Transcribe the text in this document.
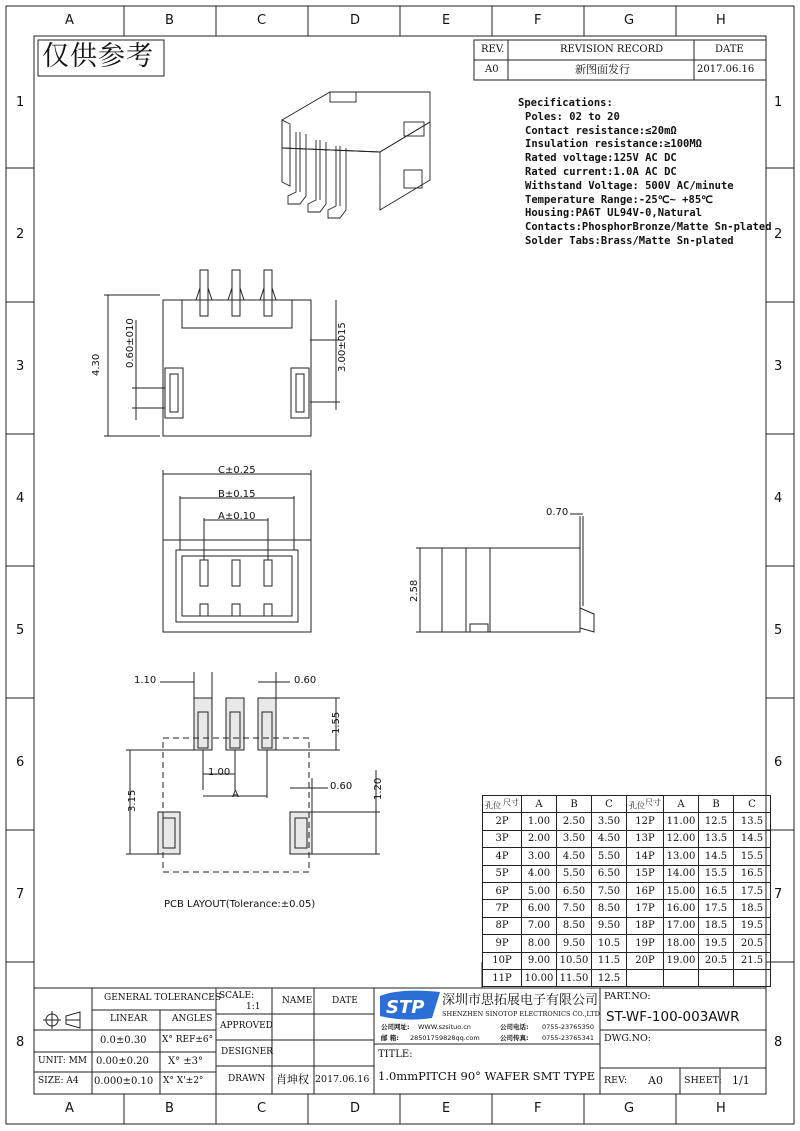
STP
A	B	C	D	E	F	G	H
A	B	C	D	E	F	G	H
1
2
3
4
5
6
7
8
1
2
3
4
5
6
7
8
仅供参考	REV.	REVISION RECORD	DATE
A0	新图面发行	2017.06.16
Specifications:
Poles: 02 to 20
Contact resistance:≤20mΩ
Insulation resistance:≥100MΩ
Rated voltage:125V AC DC
Rated current:1.0A AC DC
Withstand Voltage: 500V AC/minute
Temperature Range:-25℃~ +85℃
Housing:PA6T UL94V-0,Natural
Contacts:PhosphorBronze/Matte Sn-plated
Solder Tabs:Brass/Matte Sn-plated
4.30 0.60±010	3.00±015
C±0.25
B±0.15
A±0.10	0.70
2.58
1.10	0.60
1.55
1.00
A
0.60 1.20
3.15
PCB LAYOUT(Tolerance:±0.05)
尺寸
孔位	A	B	C	尺寸
孔位	A	B	C
2P	1.00	2.50	3.50	12P	11.00	12.5	13.5
3P	2.00	3.50	4.50	13P	12.00	13.5	14.5
4P	3.00	4.50	5.50	14P	13.00	14.5	15.5
5P	4.00	5.50	6.50	15P	14.00	15.5	16.5
6P	5.00	6.50	7.50	16P	15.00	16.5	17.5
7P	6.00	7.50	8.50	17P	16.00	17.5	18.5
8P	7.00	8.50	9.50	18P	17.00	18.5	19.5
9P	8.00	9.50	10.5	19P	18.00	19.5	20.5
10P	9.00	10.50	11.5	20P	19.00	20.5	21.5
11P	10.00	11.50	12.5				
GENERAL TOLERANCES
LINEAR	ANGLES
0.0±0.30 X° REF±6°
0.00±0.20 X° ±3°
0.000±0.10 X° X'±2°
UNIT: MM
SIZE: A4
SCALE:
1:1
NAME DATE
APPROVED
DESIGNER
DRAWN 肖坤权 2017.06.16
深圳市思拓展电子有限公司
SHENZHEN SINOTOP ELECTRONICS CO.,LTD
公司网址: WWW.szsituo.cn	公司电话: 0755-23765350
邮 箱: 28501759828qq.com	公司传真: 0755-23765341
TITLE:
1.0mmPITCH 90° WAFER SMT TYPE
PART.NO:
ST-WF-100-003AWR
DWG.NO:
REV: A0 SHEET: 1/1
